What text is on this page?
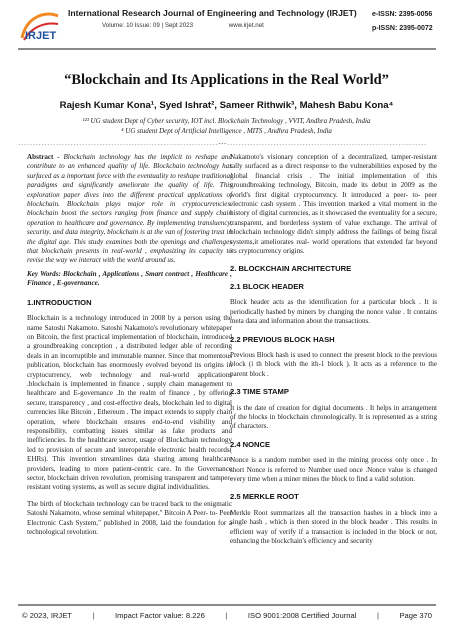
IRJET
International Research Journal of Engineering and Technology (IRJET)
Volume: 10 Issue: 09 | Sept 2023	www.irjet.net
e-ISSN: 2395-0056
p-ISSN: 2395-0072
“Blockchain and Its Applications in the Real World”
Rajesh Kumar Kona¹, Syed Ishrat², Sameer Rithwik³, Mahesh Babu Kona⁴
¹²³ UG student Dept of Cyber security, IOT incl. Blockchain Technology , VVIT, Andhra Pradesh, India
⁴ UG student Dept of Artificial Intelligence , MITS , Andhra Pradesh, India
---------------------------------------------------------------------***---------------------------------------------------------------------

Abstract - Blockchain technology has the implicit to reshape and contribute to an enhanced quality of life. Blockchain technology has surfaced as a important force with the eventuality to reshape traditional paradigms and significantly ameliorate the quality of life. This exploration paper dives into the different practical applications of blockchain. Blockchain plays major role in cryptocurrencies. blockchain boost the sectors ranging from finance and supply chain operation to healthcare and governance. By implementing transluency, security, and data integrity, blockchain is at the van of fostering trust in the digital age. This study examines both the openings and challenges that blockchain presents in real-world , emphasizing its capacity to revise the way we interact with the world around us.

Key Words: Blockchain , Applications , Smart contract , Healthcare , Finance , E-governance.

1.INTRODUCTION

Blockchain is a technology introduced in 2008 by a person using the name Satoshi Nakamoto. Satoshi Nakamoto's revolutionary whitepaper on Bitcoin, the first practical implementation of blockchain, introduced a groundbreaking conception , a distributed ledger able of recording deals in an incorruptible and immutable manner. Since that momentous publication, blockchain has enormously evolved beyond its origins in cryptocurrency, web technology and real-world applications .blockchain is implemented in finance , supply chain management to healthcare and E-governance .In the realm of finance , by offering secure, transparency , and cost-effective deals, blockchain led to digital currencies like Bitcoin , Ethereum . The impact extends to supply chain operation, where blockchain ensures end-to-end visibility and responsibility, combatting issues similar as fake products and inefficiencies. In the healthcare sector, usage of Blockchain technology led to provision of secure and interoperable electronic health records( EHRs). This invention streamlines data sharing among healthcare providers, leading to more patient-centric care. In the Governance sector, blockchain driven revolution, promising transparent and tamper-resistant voting systems, as well as secure digital individualities.

The birth of blockchain technology can be traced back to the enigmatic Satoshi Nakamoto, whose seminal whitepaper," Bitcoin A Peer- to- Peer Electronic Cash System," published in 2008, laid the foundation for a technological revolution.

Nakamoto's visionary conception of a decentralized, tamper-resistant tally surfaced as a direct response to the vulnerabilities exposed by the global financial crisis . The initial implementation of this groundbreaking technology, Bitcoin, made its debut in 2009 as the world's first digital cryptocurrency. It introduced a peer- to- peer electronic cash system . This invention marked a vital moment in the history of digital currencies, as it showcased the eventuality for a secure, transparent, and borderless system of value exchange. The arrival of blockchain technology didn't simply address the failings of being fiscal systems,it ameliorates real- world operations that extended far beyond its cryptocurrency origins.

2. BLOCKCHAIN ARCHITECTURE
2.1 BLOCK HEADER

Block header acts as the identification for a particular block . It is periodically hashed by miners by changing the nonce value . It contains meta data and information about the transactions.

2.2 PREVIOUS BLOCK HASH

Previous Block hash is used to connect the present block to the previous block (i th block with the ith-1 block ). It acts as a reference to the parent block .

2.3 TIME STAMP

It is the date of creation for digital documents . It helps in arrangement of the blocks in blockchain chronologically. It is represented as a string of characters.

2.4 NONCE

Nonce is a random number used in the mining process only once . In short Nonce is referred to Number used once .Nonce value is changed every time when a miner mines the block to find a valid solution.

2.5 MERKLE ROOT

Merkle Root summarizes all the transaction hashes in a block into a single hash , which is then stored in the block header . This results in efficient way of verify if a transaction is included in the block or not, enhancing the blockchain's efficiency and security

© 2023, IRJET	|	Impact Factor value: 8.226	|	ISO 9001:2008 Certified Journal	|	Page 370
